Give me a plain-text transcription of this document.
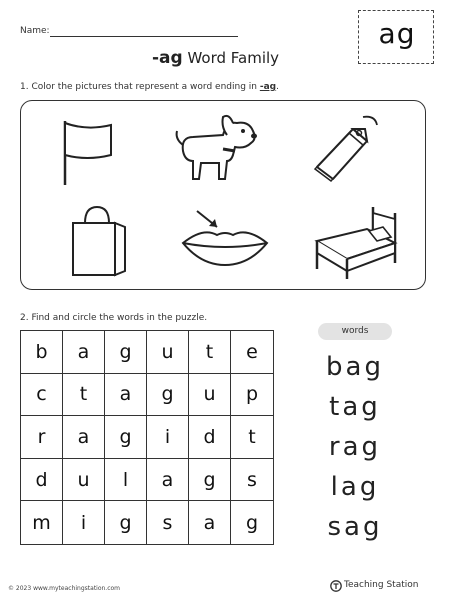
Name:
-ag Word Family
ag
1. Color the pictures that represent a word ending in -ag.
2. Find and circle the words in the puzzle.
b	a	g	u	t	e
c	t	a	g	u	p
r	a	g	i	d	t
d	u	l	a	g	s
m	i	g	s	a	g
words
bag
tag
rag
lag
sag
© 2023 www.myteachingstation.com	Teaching Station
